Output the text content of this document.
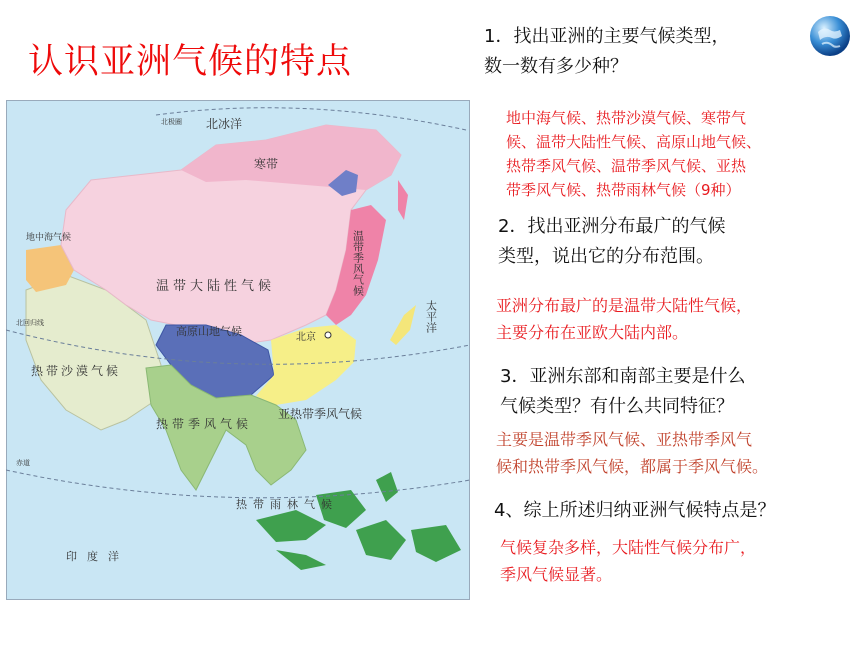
认识亚洲气候的特点
北冰洋
寒带
地中海气候
温带大陆性气候	温带季风气候
高原山地气候	北京
热带沙漠气候
亚热带季风气候
热带季风气候
热带雨林气候
印度洋
太平洋
北极圈
北回归线
赤道
1．找出亚洲的主要气候类型，
数一数有多少种？
地中海气候、热带沙漠气候、寒带气
候、温带大陆性气候、高原山地气候、
热带季风气候、温带季风气候、亚热
带季风气候、热带雨林气候（9种）
2．找出亚洲分布最广的气候
类型，说出它的分布范围。
亚洲分布最广的是温带大陆性气候，
主要分布在亚欧大陆内部。
3．亚洲东部和南部主要是什么
气候类型？有什么共同特征？
主要是温带季风气候、亚热带季风气
候和热带季风气候，都属于季风气候。
4、综上所述归纳亚洲气候特点是？
气候复杂多样，大陆性气候分布广，
季风气候显著。
